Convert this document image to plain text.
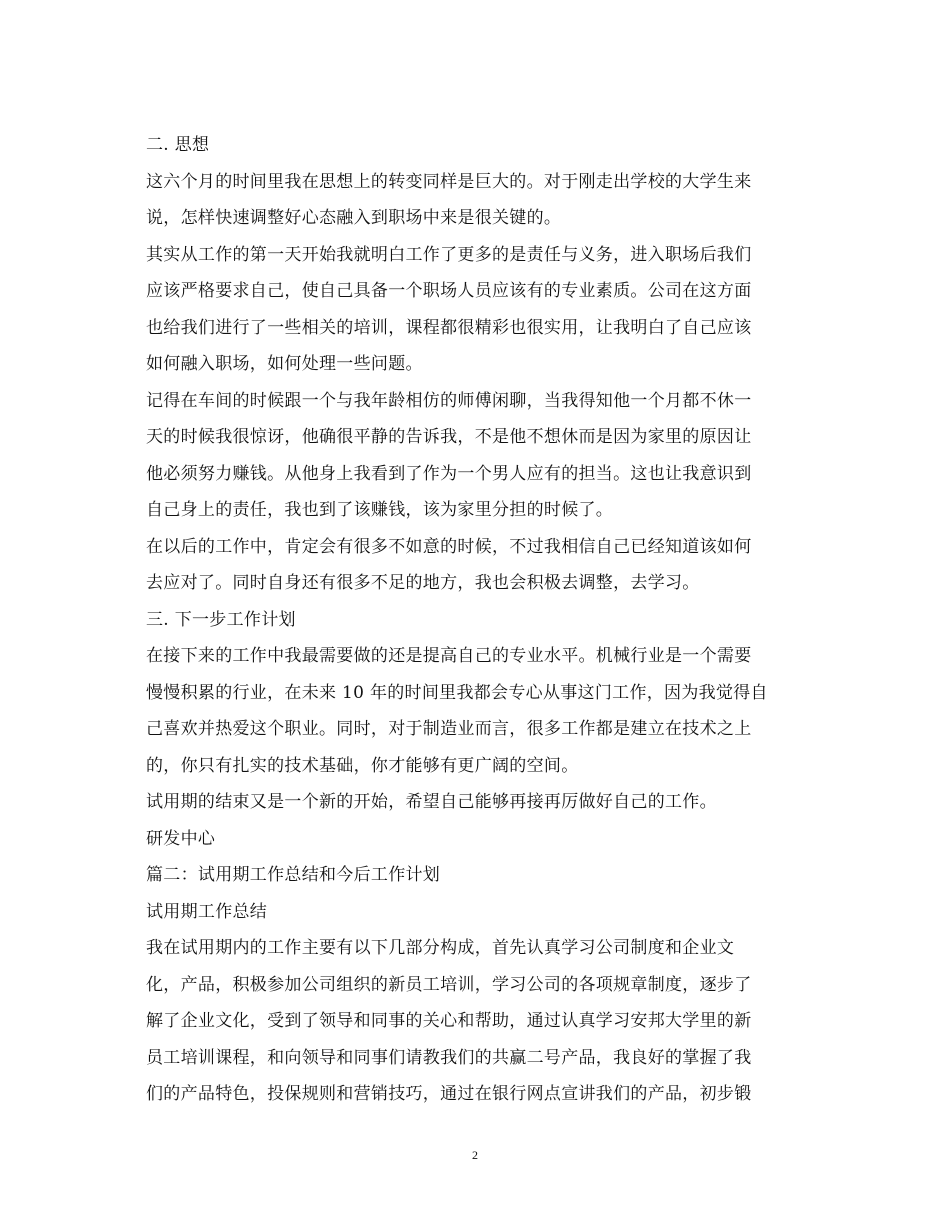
二. 思想
这六个月的时间里我在思想上的转变同样是巨大的。对于刚走出学校的大学生来
说，怎样快速调整好心态融入到职场中来是很关键的。
其实从工作的第一天开始我就明白工作了更多的是责任与义务，进入职场后我们
应该严格要求自己，使自己具备一个职场人员应该有的专业素质。公司在这方面
也给我们进行了一些相关的培训，课程都很精彩也很实用，让我明白了自己应该
如何融入职场，如何处理一些问题。
记得在车间的时候跟一个与我年龄相仿的师傅闲聊，当我得知他一个月都不休一
天的时候我很惊讶，他确很平静的告诉我，不是他不想休而是因为家里的原因让
他必须努力赚钱。从他身上我看到了作为一个男人应有的担当。这也让我意识到
自己身上的责任，我也到了该赚钱，该为家里分担的时候了。
在以后的工作中，肯定会有很多不如意的时候，不过我相信自己已经知道该如何
去应对了。同时自身还有很多不足的地方，我也会积极去调整，去学习。
三. 下一步工作计划
在接下来的工作中我最需要做的还是提高自己的专业水平。机械行业是一个需要
慢慢积累的行业，在未来 10 年的时间里我都会专心从事这门工作，因为我觉得自
己喜欢并热爱这个职业。同时，对于制造业而言，很多工作都是建立在技术之上
的，你只有扎实的技术基础，你才能够有更广阔的空间。
试用期的结束又是一个新的开始，希望自己能够再接再厉做好自己的工作。
研发中心
篇二：试用期工作总结和今后工作计划
试用期工作总结
我在试用期内的工作主要有以下几部分构成，首先认真学习公司制度和企业文
化，产品，积极参加公司组织的新员工培训，学习公司的各项规章制度，逐步了
解了企业文化，受到了领导和同事的关心和帮助，通过认真学习安邦大学里的新
员工培训课程，和向领导和同事们请教我们的共赢二号产品，我良好的掌握了我
们的产品特色，投保规则和营销技巧，通过在银行网点宣讲我们的产品，初步锻
2
